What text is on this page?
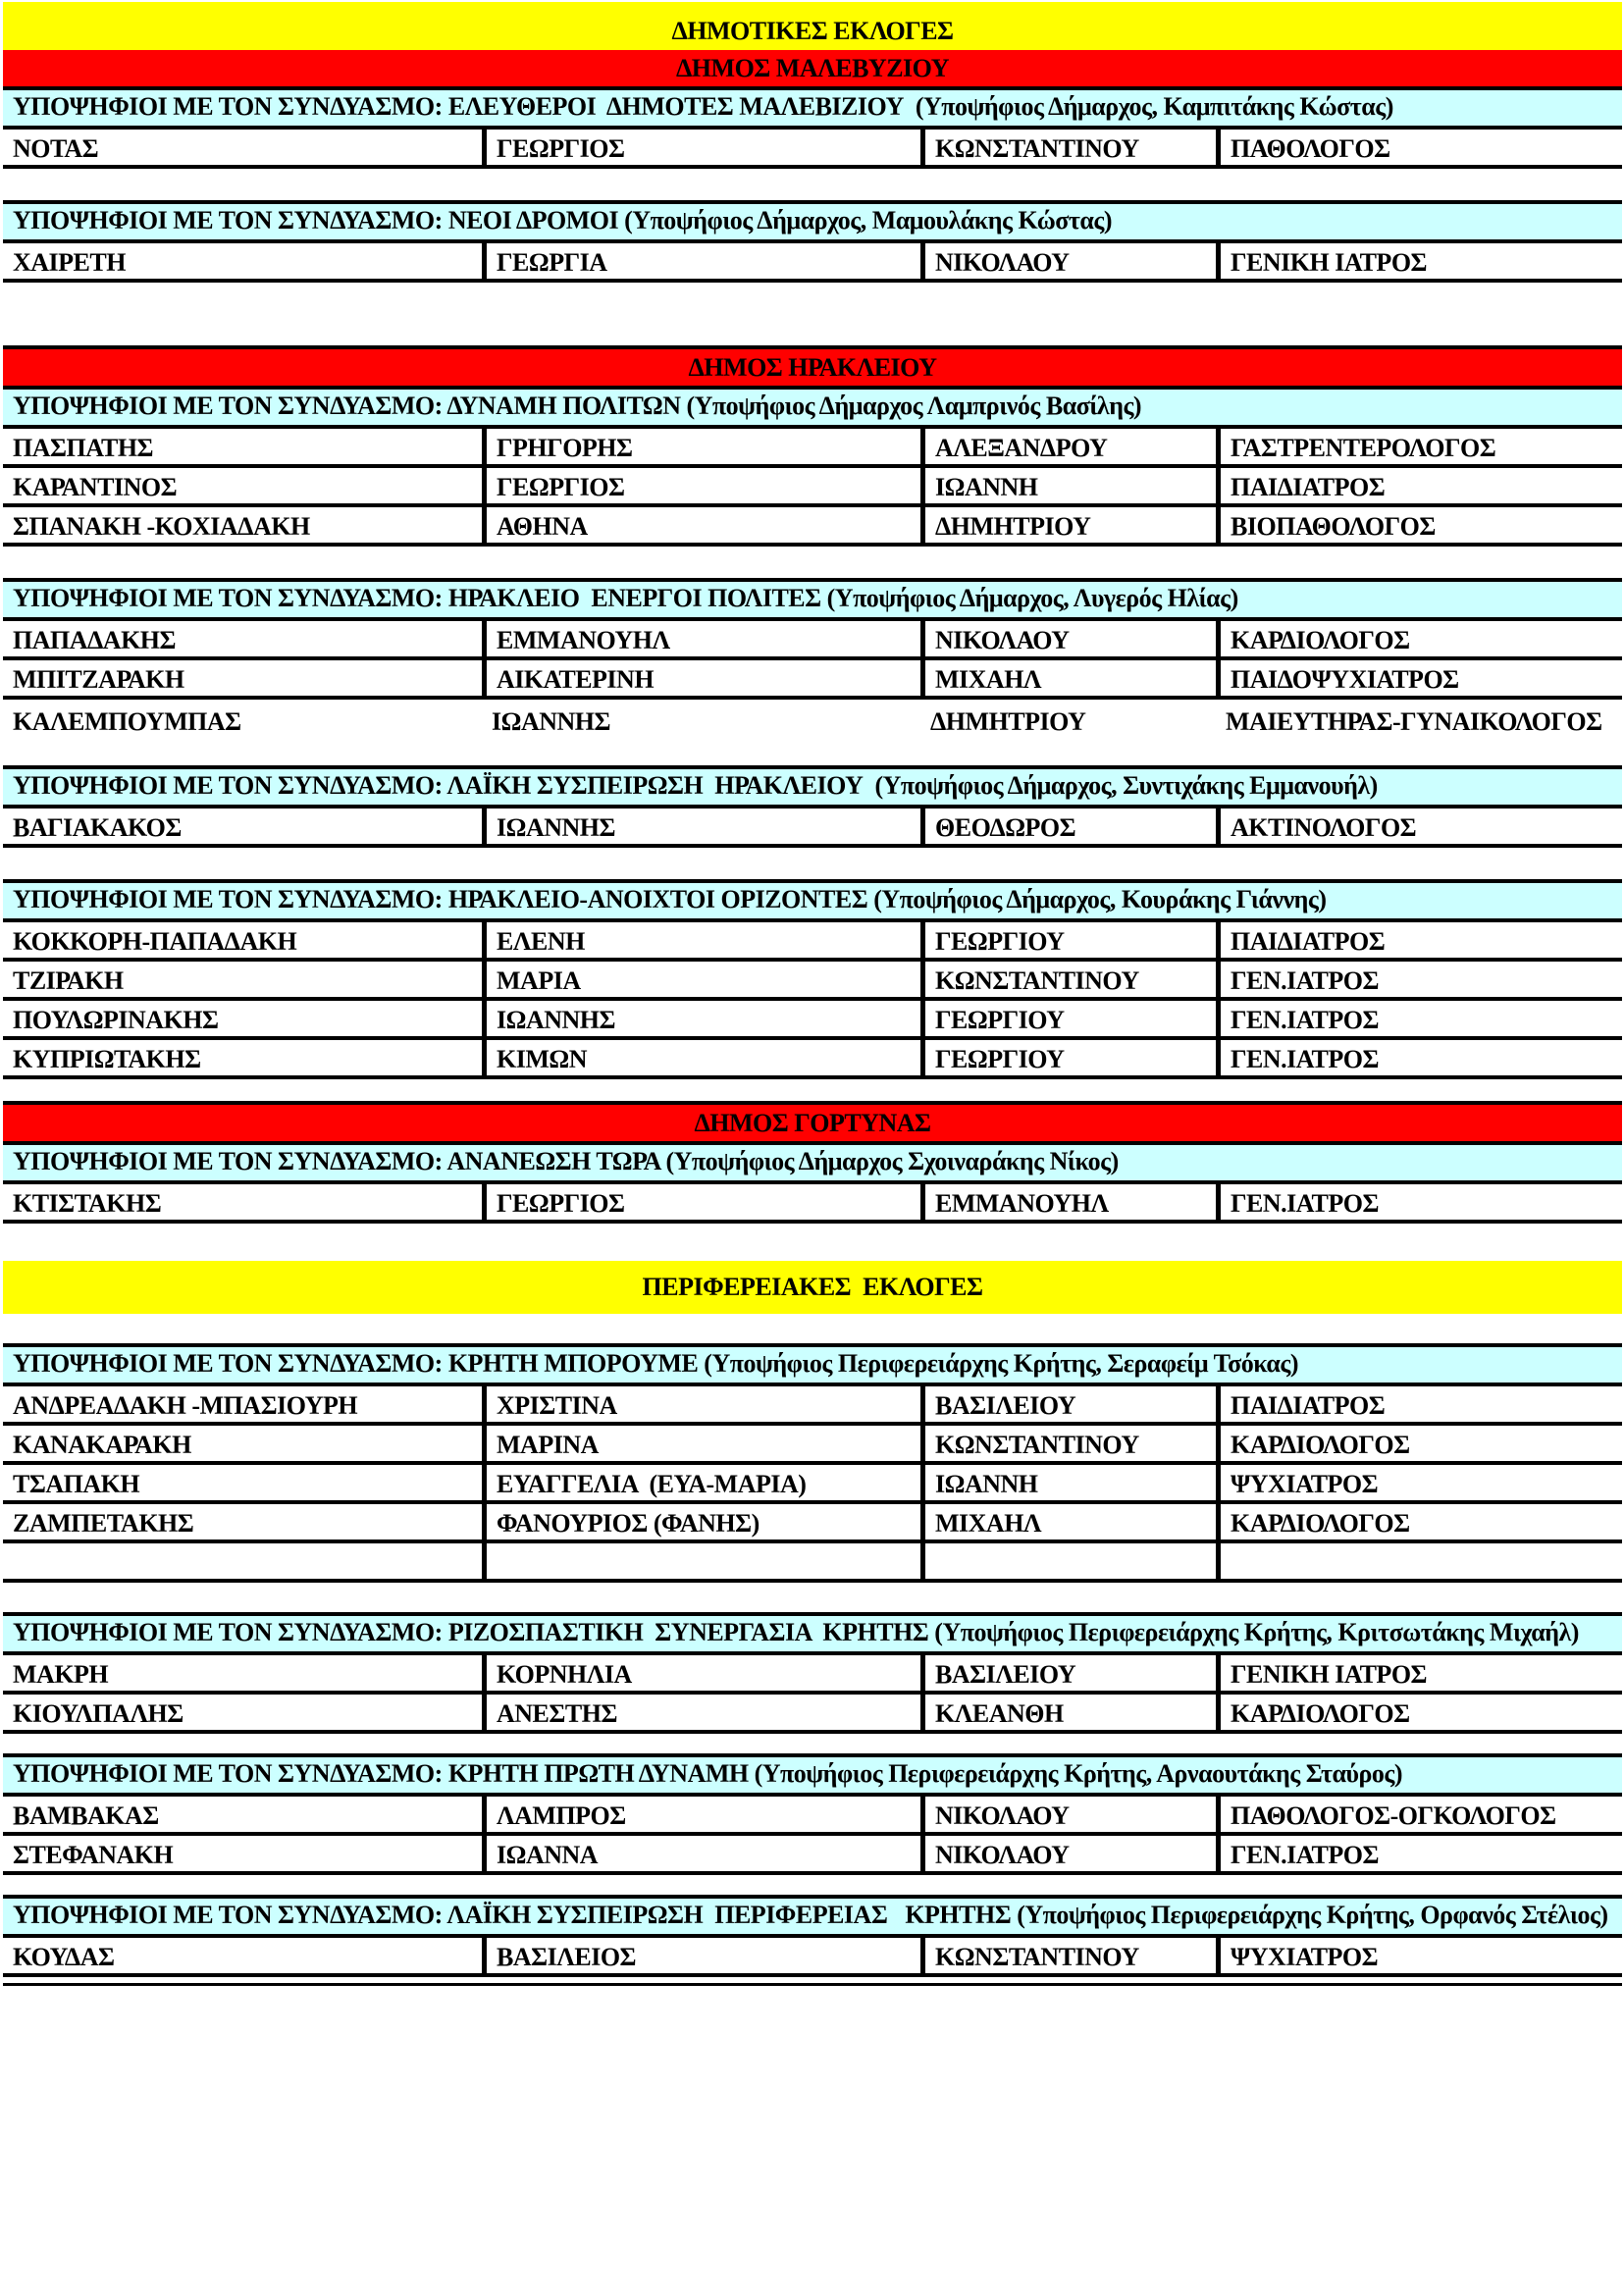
ΔΗΜΟΤΙΚΕΣ ΕΚΛΟΓΕΣ
ΔΗΜΟΣ ΜΑΛΕΒΥΖΙΟΥ
ΥΠΟΨΗΦΙΟΙ ΜΕ ΤΟΝ ΣΥΝΔΥΑΣΜΟ: ΕΛΕΥΘΕΡΟΙ  ΔΗΜΟΤΕΣ ΜΑΛΕΒΙΖΙΟΥ  (Υποψήφιος Δήμαρχος, Καμπιτάκης Κώστας)
ΝΟΤΑΣ	ΓΕΩΡΓΙΟΣ	ΚΩΝΣΤΑΝΤΙΝΟΥ	ΠΑΘΟΛΟΓΟΣ
ΥΠΟΨΗΦΙΟΙ ΜΕ ΤΟΝ ΣΥΝΔΥΑΣΜΟ: ΝΕΟΙ ΔΡΟΜΟΙ (Υποψήφιος Δήμαρχος, Μαμουλάκης Κώστας)
ΧΑΙΡΕΤΗ	ΓΕΩΡΓΙΑ	ΝΙΚΟΛΑΟΥ	ΓΕΝΙΚΗ ΙΑΤΡΟΣ
ΔΗΜΟΣ ΗΡΑΚΛΕΙΟΥ
ΥΠΟΨΗΦΙΟΙ ΜΕ ΤΟΝ ΣΥΝΔΥΑΣΜΟ: ΔΥΝΑΜΗ ΠΟΛΙΤΩΝ (Υποψήφιος Δήμαρχος Λαμπρινός Βασίλης)
ΠΑΣΠΑΤΗΣ	ΓΡΗΓΟΡΗΣ	ΑΛΕΞΑΝΔΡΟΥ	ΓΑΣΤΡΕΝΤΕΡΟΛΟΓΟΣ
ΚΑΡΑΝΤΙΝΟΣ	ΓΕΩΡΓΙΟΣ	ΙΩΑΝΝΗ	ΠΑΙΔΙΑΤΡΟΣ
ΣΠΑΝΑΚΗ -ΚΟΧΙΑΔΑΚΗ	ΑΘΗΝΑ	ΔΗΜΗΤΡΙΟΥ	ΒΙΟΠΑΘΟΛΟΓΟΣ
ΥΠΟΨΗΦΙΟΙ ΜΕ ΤΟΝ ΣΥΝΔΥΑΣΜΟ: ΗΡΑΚΛΕΙΟ  ΕΝΕΡΓΟΙ ΠΟΛΙΤΕΣ (Υποψήφιος Δήμαρχος, Λυγερός Ηλίας)
ΠΑΠΑΔΑΚΗΣ	ΕΜΜΑΝΟΥΗΛ	ΝΙΚΟΛΑΟΥ	ΚΑΡΔΙΟΛΟΓΟΣ
ΜΠΙΤΖΑΡΑΚΗ	ΑΙΚΑΤΕΡΙΝΗ	ΜΙΧΑΗΛ	ΠΑΙΔΟΨΥΧΙΑΤΡΟΣ
ΚΑΛΕΜΠΟΥΜΠΑΣ	ΙΩΑΝΝΗΣ	ΔΗΜΗΤΡΙΟΥ	ΜΑΙΕΥΤΗΡΑΣ-ΓΥΝΑΙΚΟΛΟΓΟΣ
ΥΠΟΨΗΦΙΟΙ ΜΕ ΤΟΝ ΣΥΝΔΥΑΣΜΟ: ΛΑΪΚΗ ΣΥΣΠΕΙΡΩΣΗ  ΗΡΑΚΛΕΙΟΥ  (Υποψήφιος Δήμαρχος, Συντιχάκης Εμμανουήλ)
ΒΑΓΙΑΚΑΚΟΣ	ΙΩΑΝΝΗΣ	ΘΕΟΔΩΡΟΣ	ΑΚΤΙΝΟΛΟΓΟΣ
ΥΠΟΨΗΦΙΟΙ ΜΕ ΤΟΝ ΣΥΝΔΥΑΣΜΟ: ΗΡΑΚΛΕΙΟ-ΑΝΟΙΧΤΟΙ ΟΡΙΖΟΝΤΕΣ (Υποψήφιος Δήμαρχος, Κουράκης Γιάννης)
ΚΟΚΚΟΡΗ-ΠΑΠΑΔΑΚΗ	ΕΛΕΝΗ	ΓΕΩΡΓΙΟΥ	ΠΑΙΔΙΑΤΡΟΣ
ΤΖΙΡΑΚΗ	ΜΑΡΙΑ	ΚΩΝΣΤΑΝΤΙΝΟΥ	ΓΕΝ.ΙΑΤΡΟΣ
ΠΟΥΛΩΡΙΝΑΚΗΣ	ΙΩΑΝΝΗΣ	ΓΕΩΡΓΙΟΥ	ΓΕΝ.ΙΑΤΡΟΣ
ΚΥΠΡΙΩΤΑΚΗΣ	ΚΙΜΩΝ	ΓΕΩΡΓΙΟΥ	ΓΕΝ.ΙΑΤΡΟΣ
ΔΗΜΟΣ ΓΟΡΤΥΝΑΣ
ΥΠΟΨΗΦΙΟΙ ΜΕ ΤΟΝ ΣΥΝΔΥΑΣΜΟ: ΑΝΑΝΕΩΣΗ ΤΩΡΑ (Υποψήφιος Δήμαρχος Σχοιναράκης Νίκος)
ΚΤΙΣΤΑΚΗΣ	ΓΕΩΡΓΙΟΣ	ΕΜΜΑΝΟΥΗΛ	ΓΕΝ.ΙΑΤΡΟΣ
ΠΕΡΙΦΕΡΕΙΑΚΕΣ  ΕΚΛΟΓΕΣ
ΥΠΟΨΗΦΙΟΙ ΜΕ ΤΟΝ ΣΥΝΔΥΑΣΜΟ: ΚΡΗΤΗ ΜΠΟΡΟΥΜΕ (Υποψήφιος Περιφερειάρχης Κρήτης, Σεραφείμ Τσόκας)
ΑΝΔΡΕΑΔΑΚΗ -ΜΠΑΣΙΟΥΡΗ	ΧΡΙΣΤΙΝΑ	ΒΑΣΙΛΕΙΟΥ	ΠΑΙΔΙΑΤΡΟΣ
ΚΑΝΑΚΑΡΑΚΗ	ΜΑΡΙΝΑ	ΚΩΝΣΤΑΝΤΙΝΟΥ	ΚΑΡΔΙΟΛΟΓΟΣ
ΤΣΑΠΑΚΗ	ΕΥΑΓΓΕΛΙΑ  (ΕΥΑ-ΜΑΡΙΑ)	ΙΩΑΝΝΗ	ΨΥΧΙΑΤΡΟΣ
ΖΑΜΠΕΤΑΚΗΣ	ΦΑΝΟΥΡΙΟΣ (ΦΑΝΗΣ)	ΜΙΧΑΗΛ	ΚΑΡΔΙΟΛΟΓΟΣ
ΥΠΟΨΗΦΙΟΙ ΜΕ ΤΟΝ ΣΥΝΔΥΑΣΜΟ: ΡΙΖΟΣΠΑΣΤΙΚΗ  ΣΥΝΕΡΓΑΣΙΑ  ΚΡΗΤΗΣ (Υποψήφιος Περιφερειάρχης Κρήτης, Κριτσωτάκης Μιχαήλ)
ΜΑΚΡΗ	ΚΟΡΝΗΛΙΑ	ΒΑΣΙΛΕΙΟΥ	ΓΕΝΙΚΗ ΙΑΤΡΟΣ
ΚΙΟΥΛΠΑΛΗΣ	ΑΝΕΣΤΗΣ	ΚΛΕΑΝΘΗ	ΚΑΡΔΙΟΛΟΓΟΣ
ΥΠΟΨΗΦΙΟΙ ΜΕ ΤΟΝ ΣΥΝΔΥΑΣΜΟ: ΚΡΗΤΗ ΠΡΩΤΗ ΔΥΝΑΜΗ (Υποψήφιος Περιφερειάρχης Κρήτης, Αρναουτάκης Σταύρος)
ΒΑΜΒΑΚΑΣ	ΛΑΜΠΡΟΣ	ΝΙΚΟΛΑΟΥ	ΠΑΘΟΛΟΓΟΣ-ΟΓΚΟΛΟΓΟΣ
ΣΤΕΦΑΝΑΚΗ	ΙΩΑΝΝΑ	ΝΙΚΟΛΑΟΥ	ΓΕΝ.ΙΑΤΡΟΣ
ΥΠΟΨΗΦΙΟΙ ΜΕ ΤΟΝ ΣΥΝΔΥΑΣΜΟ: ΛΑΪΚΗ ΣΥΣΠΕΙΡΩΣΗ  ΠΕΡΙΦΕΡΕΙΑΣ   ΚΡΗΤΗΣ (Υποψήφιος Περιφερειάρχης Κρήτης, Ορφανός Στέλιος)
ΚΟΥΔΑΣ	ΒΑΣΙΛΕΙΟΣ	ΚΩΝΣΤΑΝΤΙΝΟΥ	ΨΥΧΙΑΤΡΟΣ
